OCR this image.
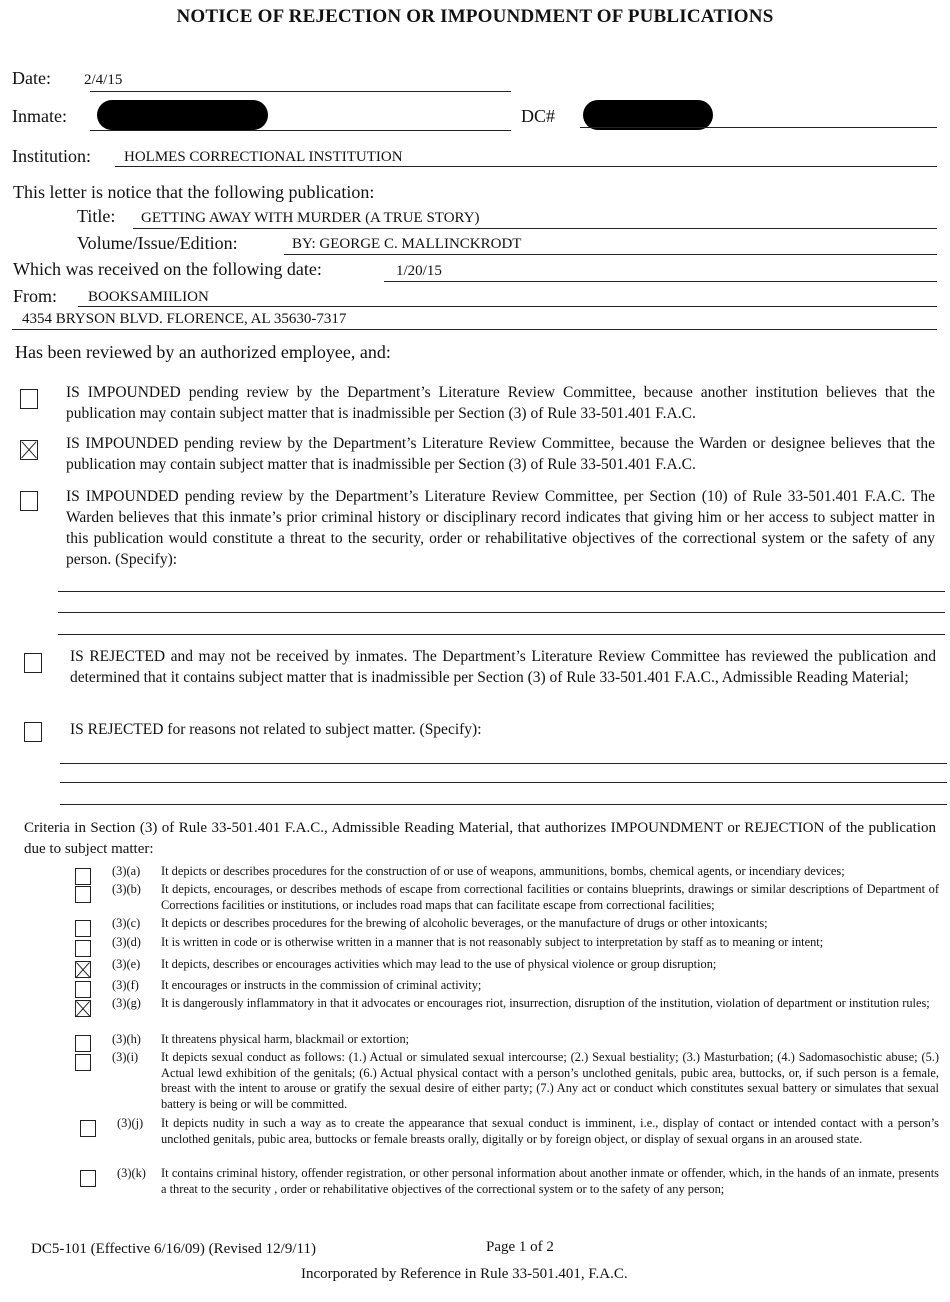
NOTICE OF REJECTION OR IMPOUNDMENT OF PUBLICATIONS
Date: 2/4/15
Inmate:	DC#
Institution: HOLMES CORRECTIONAL INSTITUTION
This letter is notice that the following publication:
Title: GETTING AWAY WITH MURDER (A TRUE STORY)
Volume/Issue/Edition:	BY: GEORGE C. MALLINCKRODT
Which was received on the following date:	1/20/15
From: BOOKSAMIILION
4354 BRYSON BLVD. FLORENCE, AL 35630-7317
Has been reviewed by an authorized employee, and:
IS IMPOUNDED pending review by the Department’s Literature Review Committee, because another institution believes that the publication may contain subject matter that is inadmissible per Section (3) of Rule 33-501.401 F.A.C.
IS IMPOUNDED pending review by the Department’s Literature Review Committee, because the Warden or designee believes that the publication may contain subject matter that is inadmissible per Section (3) of Rule 33-501.401 F.A.C.
IS IMPOUNDED pending review by the Department’s Literature Review Committee, per Section (10) of Rule 33-501.401 F.A.C. The Warden believes that this inmate’s prior criminal history or disciplinary record indicates that giving him or her access to subject matter in this publication would constitute a threat to the security, order or rehabilitative objectives of the correctional system or the safety of any person. (Specify):
IS REJECTED and may not be received by inmates. The Department’s Literature Review Committee has reviewed the publication and determined that it contains subject matter that is inadmissible per Section (3) of Rule 33-501.401 F.A.C., Admissible Reading Material;
IS REJECTED for reasons not related to subject matter. (Specify):
Criteria in Section (3) of Rule 33-501.401 F.A.C., Admissible Reading Material, that authorizes IMPOUNDMENT or REJECTION of the publication due to subject matter:
(3)(a) It depicts or describes procedures for the construction of or use of weapons, ammunitions, bombs, chemical agents, or incendiary devices;
(3)(b) It depicts, encourages, or describes methods of escape from correctional facilities or contains blueprints, drawings or similar descriptions of Department of Corrections facilities or institutions, or includes road maps that can facilitate escape from correctional facilities;
(3)(c) It depicts or describes procedures for the brewing of alcoholic beverages, or the manufacture of drugs or other intoxicants;
(3)(d) It is written in code or is otherwise written in a manner that is not reasonably subject to interpretation by staff as to meaning or intent;
(3)(e) It depicts, describes or encourages activities which may lead to the use of physical violence or group disruption;
(3)(f) It encourages or instructs in the commission of criminal activity;
(3)(g) It is dangerously inflammatory in that it advocates or encourages riot, insurrection, disruption of the institution, violation of department or institution rules;
(3)(h) It threatens physical harm, blackmail or extortion;
(3)(i) It depicts sexual conduct as follows: (1.) Actual or simulated sexual intercourse; (2.) Sexual bestiality; (3.) Masturbation; (4.) Sadomasochistic abuse; (5.) Actual lewd exhibition of the genitals; (6.) Actual physical contact with a person’s unclothed genitals, pubic area, buttocks, or, if such person is a female, breast with the intent to arouse or gratify the sexual desire of either party; (7.) Any act or conduct which constitutes sexual battery or simulates that sexual battery is being or will be committed.
(3)(j) It depicts nudity in such a way as to create the appearance that sexual conduct is imminent, i.e., display of contact or intended contact with a person’s unclothed genitals, pubic area, buttocks or female breasts orally, digitally or by foreign object, or display of sexual organs in an aroused state.
(3)(k) It contains criminal history, offender registration, or other personal information about another inmate or offender, which, in the hands of an inmate, presents a threat to the security , order or rehabilitative objectives of the correctional system or to the safety of any person;
DC5-101 (Effective 6/16/09) (Revised 12/9/11)	Page 1 of 2
Incorporated by Reference in Rule 33-501.401, F.A.C.
